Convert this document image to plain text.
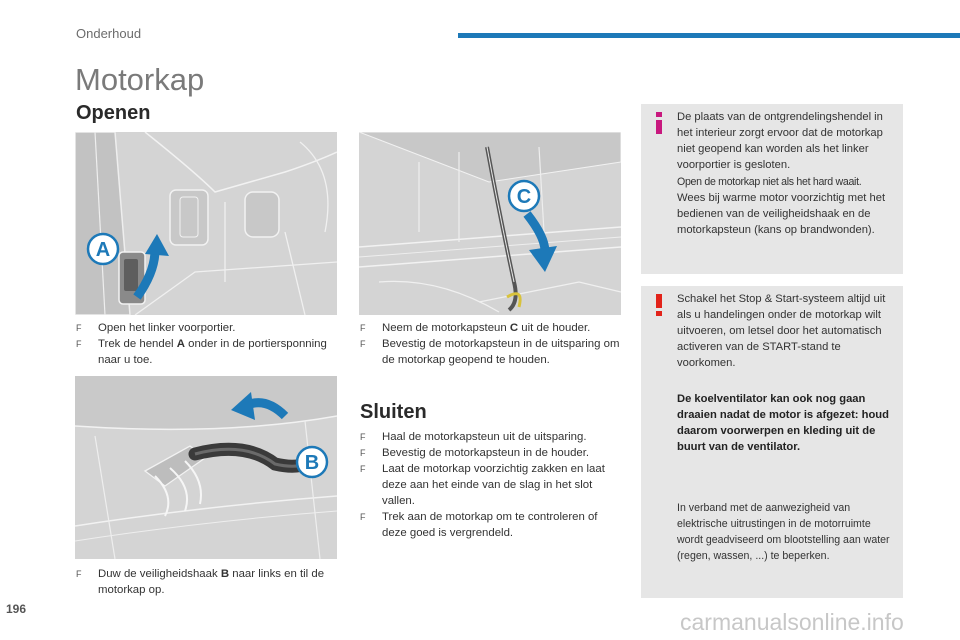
Onderhoud
Motorkap
Openen
A
C

F Open het linker voorportier.

F Trek de hendel A onder in de portiersponning naar u toe.

F Neem de motorkapsteun C uit de houder.

F Bevestig de motorkapsteun in de uitsparing om de motorkap geopend te houden.

B

F Duw de veiligheidshaak B naar links en til de motorkap op.

Sluiten

F Haal de motorkapsteun uit de uitsparing.

F Bevestig de motorkapsteun in de houder.

F Laat de motorkap voorzichtig zakken en laat deze aan het einde van de slag in het slot vallen.

F Trek aan de motorkap om te controleren of deze goed is vergrendeld.

De plaats van de ontgrendelingshendel in het interieur zorgt ervoor dat de motorkap niet geopend kan worden als het linker voorportier is gesloten.
Open de motorkap niet als het hard waait.
Wees bij warme motor voorzichtig met het bedienen van de veiligheidshaak en de motorkapsteun (kans op brandwonden).
Schakel het Stop & Start-systeem altijd uit als u handelingen onder de motorkap wilt uitvoeren, om letsel door het automatisch activeren van de START-stand te voorkomen.
De koelventilator kan ook nog gaan draaien nadat de motor is afgezet: houd daarom voorwerpen en kleding uit de buurt van de ventilator.
In verband met de aanwezigheid van elektrische uitrustingen in de motorruimte wordt geadviseerd om blootstelling aan water (regen, wassen, ...) te beperken.
196	carmanualsonline.info
